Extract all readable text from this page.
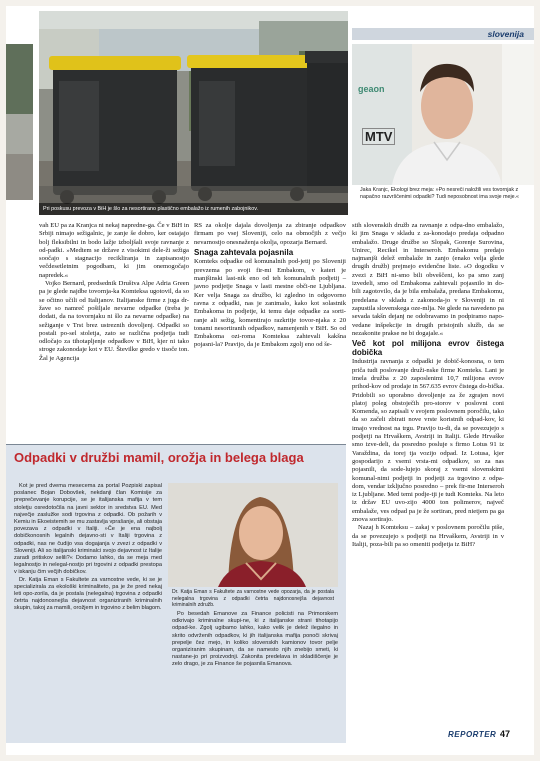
Pri poskusu prevoza v BiH je šlo za nesortirano plastično embalažo iz rumenih zabojnikov.
slovenija
geaon
MTV
Jaka Kranjc, Ekologi brez meja: »Po nesreči naložili ves tovornjak z napačno razvrščenimi odpadki? Tudi neposobnost ima svoje meje.«

vah EU pa za Kranjca ni nekaj napredne-ga. Če v BiH in Srbiji nimajo sežigalnic, je zanje še dobro, ker ostajajo bolj fleksibilni in bodo lažje izboljšali svoje ravnanje z od-padki. »Medtem se države z visokimi dele-ži sežiga soočajo s stagnacijo recikliranja in zapisanostjo večdesetletnim pogodbam, ki jim onemogočajo napredek.«

Vojko Bernard, predsednik Društva Alpe Adria Green pa je glede najdbe tovornja-ka Komteksa ugotovil, da so se očitno učili od Italijanov. Italijanske firme z juga dr-žave so namreč pošiljale nevarne odpadke (treba je dodati, da na tovornjaku ni šlo za nevarne odpadke) na sežiganje v Trst brez ustreznih dovoljenj. Odpadki so postali po-sel stoletja, zato se različna podjetja tudi odločajo za tihotapljenje odpadkov v BiH, kjer ni tako stroge zakonodaje kot v EU. Številke gredo v tisoče ton. Žal je Agencija

RS za okolje dajala dovoljenja za zbiranje odpadkov firmam po vsej Sloveniji, celo na območjih z večjo nevarnostjo onesnaženja okolja, opozarja Bernard.

Snaga zahtevala pojasnila

Komteks odpadke od komunalnih pod-jetij po Sloveniji prevzema po svoji fir-mi Embakom, v kateri je manjšinski last-nik eno od teh komunalnih podjetij – javno podjetje Snaga v lasti mestne obči-ne Ljubljana. Ker velja Snaga za družbo, ki zgledno in odgovorno ravna z odpadki, nas je zanimalo, kako kot solastnik Embakoma in podjetje, ki temu daje odpadke za sorti-ranje ali sežig, komentirajo razkritje tovor-njaka z 20 tonami nesortiranih odpadkov, namenjenih v BiH. So od Embakoma ozi-roma Komteksa zahtevali kakšna pojasni-la? Pravijo, da je Embakom zgolj eno od še-

stih slovenskih družb za ravnanje z odpa-dno embalažo, ki jim Snaga v skladu z za-konodajo predaja odpadno embalažo. Druge družbe so Slopak, Gorenje Surovina, Unirec, Recikel in Interseroh. Embakomu predajo najmanjši delež embalaže in zanjo (enako velja glede drugih družb) prejmejo evidenčne liste. »O dogodku v zvezi z BiH ni-smo bili obveščeni, ko pa smo zanj izvedeli, smo od Embakoma zahtevali pojasnilo in do-bili zagotovilo, da je bila embalaža, predana Embakomu, predelana v skladu z zakonoda-jo v Sloveniji in ni zapustila slovenskega oze-mlja. Ne glede na navedeno pa sevada takšn dejanj ne odobravamo in podpiramo napo-vedane inšpekcije in drugih pristojnih služb, da se nezakonite prakse ne bi dogajale.«

Več kot pol milijona evrov čistega dobička

Industrija ravnanja z odpadki je dobič-konosna, o tem priča tudi poslovanje druži-nske firme Komteks. Lani je imela družba z 20 zaposlenimi 10,7 milijona evrov prihod-kov od prodaje in 567.635 evrov čistega do-bička. Pridobili so uporabno dovoljenje za že zgrajen novi platoj poleg obstoječih pro-storov v poslovni coni Komenda, so zapisali v svojem poslovnem poročilu, tako da so začeli zbirati nove vrste koristnih odpad-kov, ki imajo vrednost na trgu. Pravijo tu-di, da se povezujejo s podjetji na Hrvaškem, Avstriji in Italiji. Glede Hrvaške smo izve-deli, da posredno posluje s firmo Lotus 91 iz Varaždina, da torej tja vozijo odpad. Iz Lotusa, kjer gospodarijo z vsemi vrsta-mi odpadkov, so za nas pojasnili, da sode-lujejo skoraj z vsemi slovenskimi komunal-nimi podjetji in podjetji za trgovino z odpa-dom, vendar izključno posredno – prek fir-me Interseroh iz Ljubljane. Med temi podje-tji je tudi Komteks. Na leto iz držav EU uvo-zijo 4000 ton polimerov, največ embalaže, ves odpad pa je že sortiran, pred nietjem pa ga znova sortirajo.

Nazaj h Komteksu – zakaj v poslovnem poročilu piše, da se povezujejo s podjetji na Hrvaškem, Avstriji in v Italiji, poza-bili pa so omeniti podjetja iz BiH?

Odpadki v družbi mamil, orožja in belega blaga

Kot je pred dvema mesecema za portal Pozpiski zapisal poslanec Bojan Dobovšek, nekdanji član Komisije za preprečevanje korupcije, se je italijanska mafija v tem stoletju osredotočila na javni sektor in sredstva EU. Med največje zaslužke sodi trgovina z odpadki. Ob požarih v Kemiu in Ekoeistemih se mu zastavlja vprašanje, ali obstaja povezava z odpadki v Italiji. »Če je ena najbolj dobičkonosnih legalnih dejavno-sti v Italiji trgovina z odpadki, nas ne čudijo vsa dogajanja v zvezi z odpadki v Sloveniji. Ali so italijanski kriminalci svojo dejavnost iz Italije zaradi pritiskov selili?« Dodamo lahko, da se meja med legalnostjo in nelegal-nostjo pri trgovini z odpadki prestopa v iskanju čim večjih dobičkov.

Dr. Katja Eman s Fakultete za varnostne vede, ki se je specializirala za ekološki kriminaliteto, pa je že pred nekaj leti opo-zorila, da je postala (nelegalna) trgovina z odpadki četrta najdonosnejša dejavnost organiziranih kriminalnih skupin, takoj za mamili, orožjem in trgovino z belim blagom.

Dr. Katja Eman s Fakultete za varnostne vede opozarja, da je postala nelegalna trgovina z odpadki četrta najdonosnejša dejavnost kriminalnih združb.

Po besedah Emanove za Finance policisti na Primorskem odkrivajo kriminalne skupi-ne, ki z italijanske strani tihotapijo odpad-ke. Zgolj ugibamo lahko, kako velik je delež ilegalno in skrito odvrženih odpadkov, ki jih italijanska mafija ponoči skrivaj prepelje čez mejo, in koliko slovenskih kamionov tovor pelje organiziranim skupinam, da se namesto njih znebijo smeti, ki nastane-jo pri proizvodnji. Zakonita predelava in skladiščenje je zelo drago, je za Finance še pojasnila Emanova.

REPORTER 47
